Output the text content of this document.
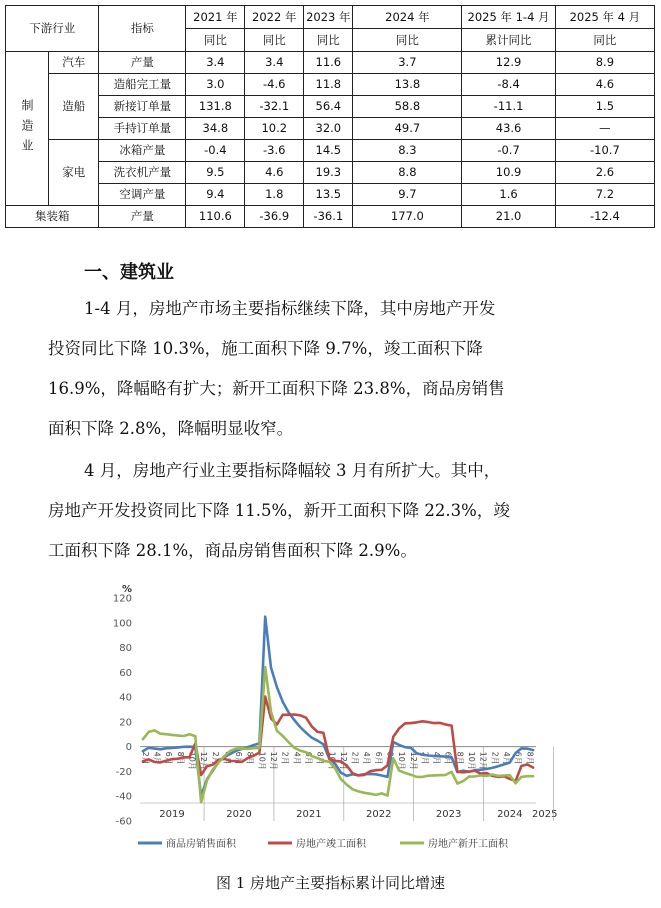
下游行业		指标	2021 年	2022 年	2023 年	2024 年	2025 年 1-4 月	2025 年 4 月
			同比	同比	同比	同比	累计同比	同比
制造业	汽车	产量	3.4	3.4	11.6	3.7	12.9	8.9
	造船	造船完工量	3.0	-4.6	11.8	13.8	-8.4	4.6
		新接订单量	131.8	-32.1	56.4	58.8	-11.1	1.5
		手持订单量	34.8	10.2	32.0	49.7	43.6	—
	家电	冰箱产量	-0.4	-3.6	14.5	8.3	-0.7	-10.7
		洗衣机产量	9.5	4.6	19.3	8.8	10.9	2.6
		空调产量	9.4	1.8	13.5	9.7	1.6	7.2
集装箱		产量	110.6	-36.9	-36.1	177.0	21.0	-12.4
一、建筑业

1-4 月，房地产市场主要指标继续下降，其中房地产开发
投资同比下降 10.3%，施工面积下降 9.7%，竣工面积下降
16.9%，降幅略有扩大；新开工面积下降 23.8%，商品房销售
面积下降 2.8%，降幅明显收窄。

4 月，房地产行业主要指标降幅较 3 月有所扩大。其中，
房地产开发投资同比下降 11.5%，新开工面积下降 22.3%，竣
工面积下降 28.1%，商品房销售面积下降 2.9%。

%
120
100
80
60
40
20
0
-20
-40
-60
2019	2020	2021	2022	2023	2024 2025
2月 4月 6月 8月 10月 12月 2月 4月 6月 8月 10月 12月 2月 4月 6月 8月 10月 12月 2月 4月 6月 8月 10月 12月 2月 4月 6月 8月 10月 12月 2月 4月 6月 8月
商品房销售面积	房地产竣工面积	房地产新开工面积
图 1 房地产主要指标累计同比增速
